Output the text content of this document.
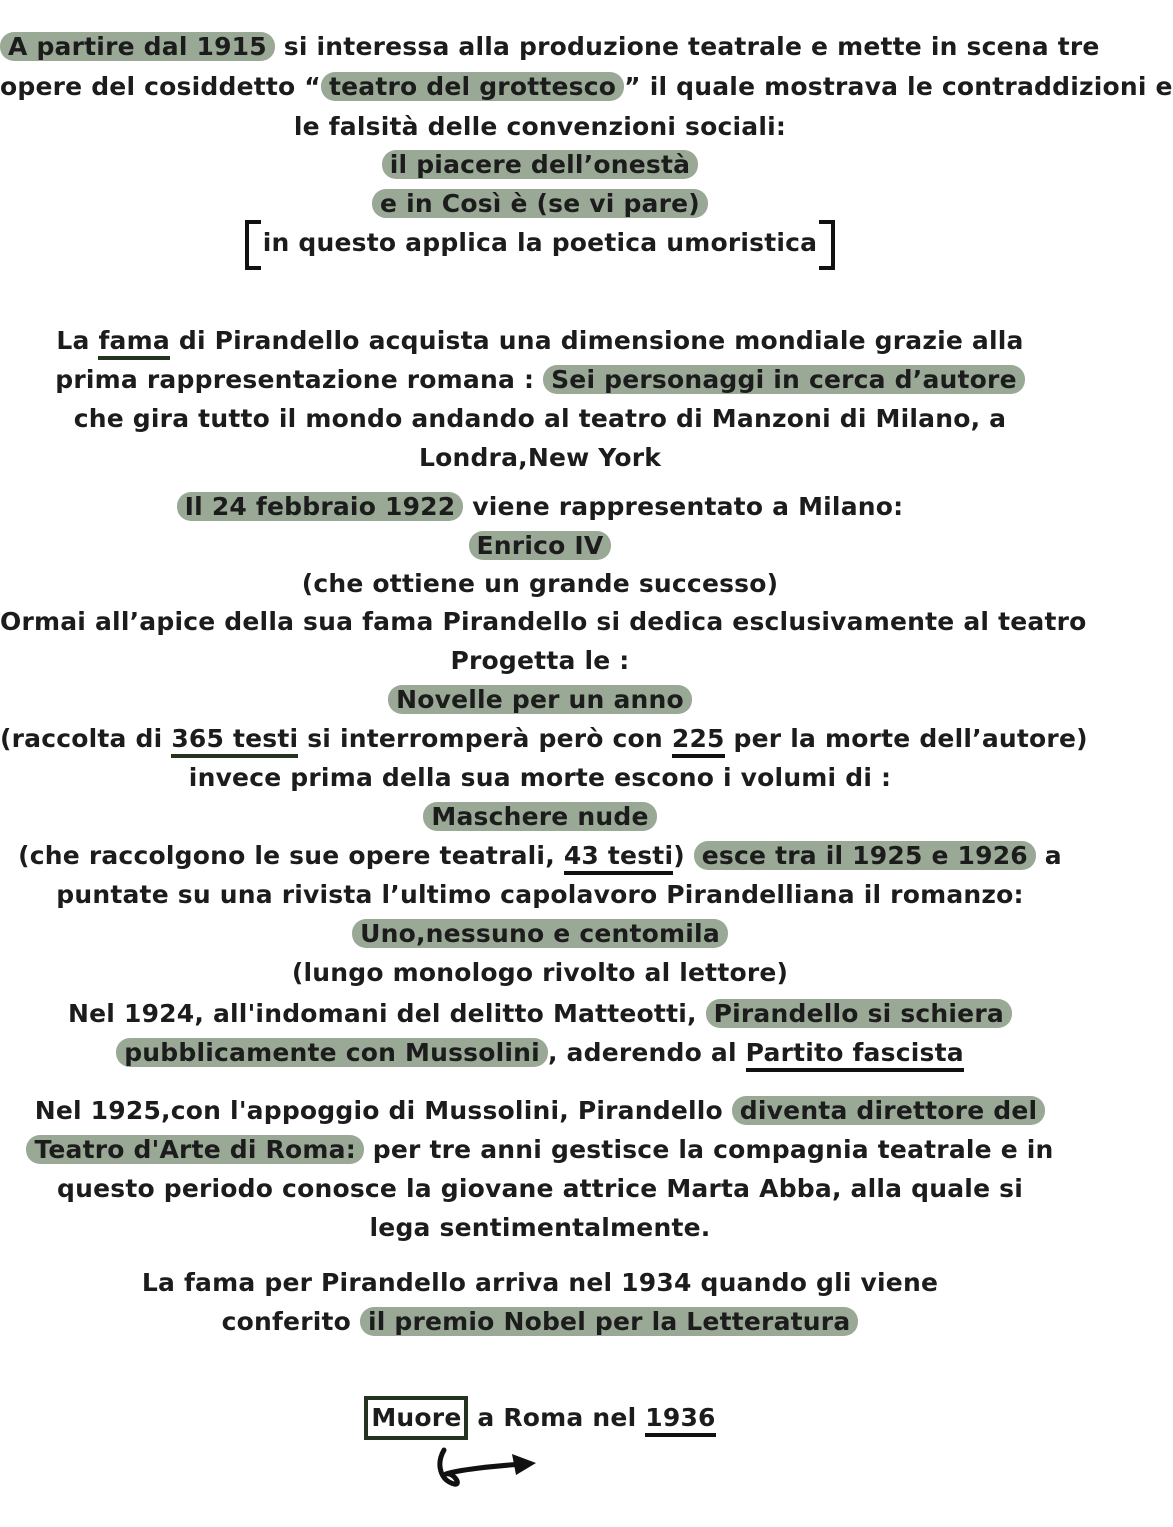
A partire dal 1915 si interessa alla produzione teatrale e mette in scena tre
opere del cosiddetto “ teatro del grottesco ” il quale mostrava le contraddizioni e
le falsità delle convenzioni sociali:
il piacere dell’onestà
e in Così è (se vi pare)
in questo applica la poetica umoristica
La fama di Pirandello acquista una dimensione mondiale grazie alla
prima rappresentazione romana : Sei personaggi in cerca d’autore
che gira tutto il mondo andando al teatro di Manzoni di Milano, a
Londra,New York
Il 24 febbraio 1922 viene rappresentato a Milano:
Enrico IV
(che ottiene un grande successo)
Ormai all’apice della sua fama Pirandello si dedica esclusivamente al teatro
Progetta le :
Novelle per un anno
(raccolta di 365 testi si interromperà però con 225 per la morte dell’autore)
invece prima della sua morte escono i volumi di :
Maschere nude
(che raccolgono le sue opere teatrali, 43 testi) esce tra il 1925 e 1926 a
puntate su una rivista l’ultimo capolavoro Pirandelliana il romanzo:
Uno,nessuno e centomila
(lungo monologo rivolto al lettore)
Nel 1924, all'indomani del delitto Matteotti, Pirandello si schiera
pubblicamente con Mussolini , aderendo al Partito fascista
Nel 1925,con l'appoggio di Mussolini, Pirandello diventa direttore del
Teatro d'Arte di Roma: per tre anni gestisce la compagnia teatrale e in
questo periodo conosce la giovane attrice Marta Abba, alla quale si
lega sentimentalmente.
La fama per Pirandello arriva nel 1934 quando gli viene
conferito il premio Nobel per la Letteratura
Muore a Roma nel 1936
